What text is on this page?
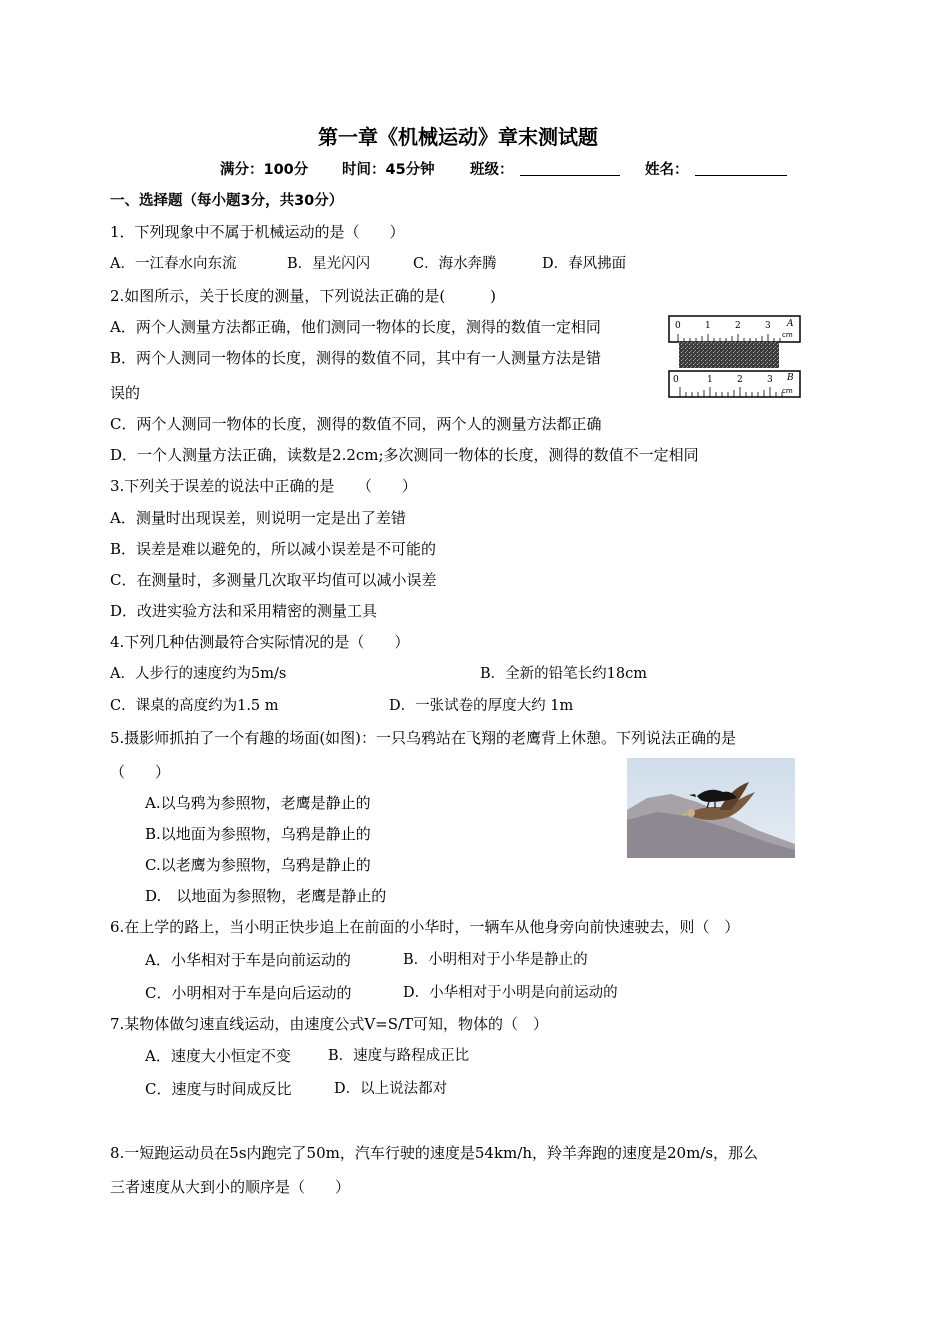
第一章《机械运动》章末测试题
满分：100分 时间：45分钟 班级：	姓名：
一、选择题（每小题3分，共30分）
1．下列现象中不属于机械运动的是（　　）
A．一江春水向东流	B．星光闪闪	C．海水奔腾	D．春风拂面
2.如图所示，关于长度的测量，下列说法正确的是(　　　)
A．两个人测量方法都正确，他们测同一物体的长度，测得的数值一定相同
B．两个人测同一物体的长度，测得的数值不同，其中有一人测量方法是错
误的
C．两个人测同一物体的长度，测得的数值不同，两个人的测量方法都正确
D．一个人测量方法正确，读数是2.2cm;多次测同一物体的长度，测得的数值不一定相同
0	1	2	3 A
cm
0	1	2	3 B
cm
3.下列关于误差的说法中正确的是　　（　　）
A．测量时出现误差，则说明一定是出了差错
B．误差是难以避免的，所以减小误差是不可能的
C．在测量时，多测量几次取平均值可以减小误差
D．改进实验方法和采用精密的测量工具
4.下列几种估测最符合实际情况的是（　　）
A．人步行的速度约为5m/s	B．全新的铅笔长约18cm
C．课桌的高度约为1.5 m	D．一张试卷的厚度大约 1m
5.摄影师抓拍了一个有趣的场面(如图)：一只乌鸦站在飞翔的老鹰背上休憩。下列说法正确的是
（　　）
A.以乌鸦为参照物，老鹰是静止的
B.以地面为参照物，乌鸦是静止的
C.以老鹰为参照物，乌鸦是静止的
D.　以地面为参照物，老鹰是静止的
6.在上学的路上，当小明正快步追上在前面的小华时，一辆车从他身旁向前快速驶去，则（　）
A．小华相对于车是向前运动的	B．小明相对于小华是静止的
C．小明相对于车是向后运动的	D．小华相对于小明是向前运动的
7.某物体做匀速直线运动，由速度公式V=S/T可知，物体的（　）
A．速度大小恒定不变	B．速度与路程成正比
C．速度与时间成反比	D．以上说法都对
8.一短跑运动员在5s内跑完了50m，汽车行驶的速度是54km/h，羚羊奔跑的速度是20m/s，那么
三者速度从大到小的顺序是（　　）
